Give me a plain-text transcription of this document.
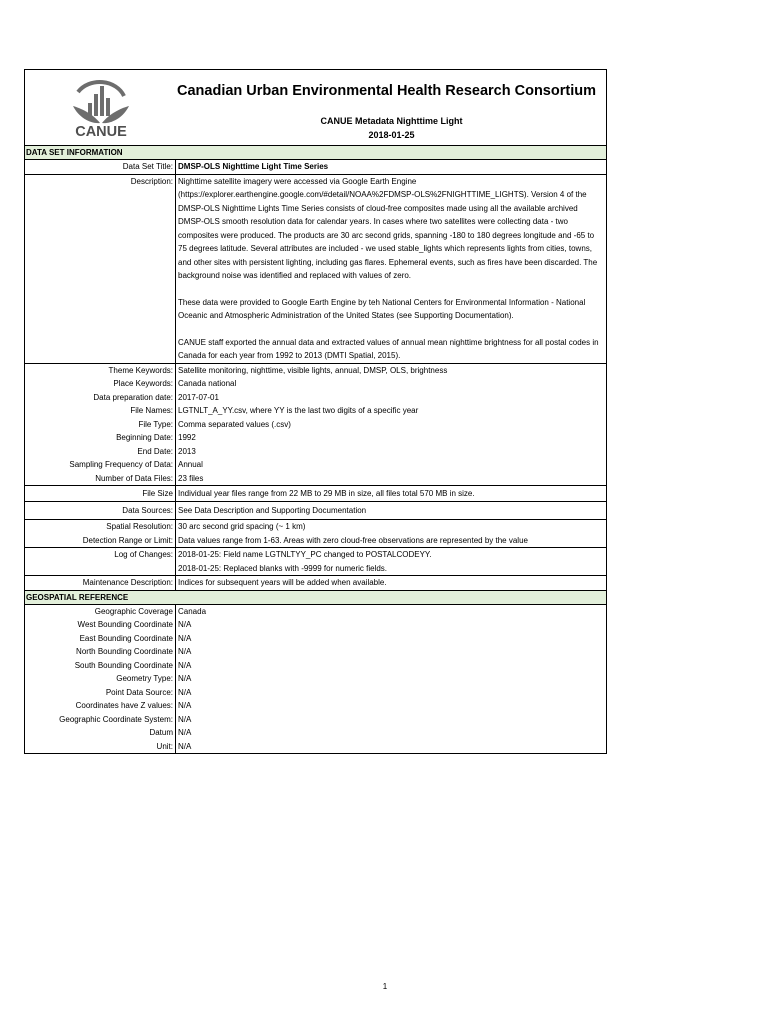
CANUE
Canadian Urban Environmental Health Research Consortium
CANUE Metadata Nighttime Light
2018-01-25
DATA SET INFORMATION
Data Set Title: DMSP-OLS Nighttime Light Time Series
Description: Nighttime satellite imagery were accessed via Google Earth Engine (https://explorer.earthengine.google.com/#detail/NOAA%2FDMSP-OLS%2FNIGHTTIME_LIGHTS). Version 4 of the DMSP-OLS Nighttime Lights Time Series consists of cloud-free composites made using all the available archived DMSP-OLS smooth resolution data for calendar years. In cases where two satellites were collecting data - two composites were produced. The products are 30 arc second grids, spanning -180 to 180 degrees longitude and -65 to 75 degrees latitude. Several attributes are included - we used stable_lights which represents lights from cities, towns, and other sites with persistent lighting, including gas flares. Ephemeral events, such as fires have been discarded. The background noise was identified and replaced with values of zero.

These data were provided to Google Earth Engine by teh National Centers for Environmental Information - National Oceanic and Atmospheric Administration of the United States (see Supporting Documentation).

CANUE staff exported the annual data and extracted values of annual mean nighttime brightness for all postal codes in Canada for each year from 1992 to 2013 (DMTI Spatial, 2015).

Theme Keywords: Satellite monitoring, nighttime, visible lights, annual, DMSP, OLS, brightness
Place Keywords: Canada national
Data preparation date: 2017-07-01
File Names: LGTNLT_A_YY.csv, where YY is the last two digits of a specific year
File Type: Comma separated values (.csv)
Beginning Date: 1992
End Date: 2013
Sampling Frequency of Data: Annual
Number of Data Files: 23 files
File Size Individual year files range from 22 MB to 29 MB in size, all files total 570 MB in size.
Data Sources: See Data Description and Supporting Documentation
Spatial Resolution: 30 arc second grid spacing (~ 1 km)
Detection Range or Limit: Data values range from 1-63. Areas with zero cloud-free observations are represented by the value
Log of Changes: 2018-01-25: Field name LGTNLTYY_PC changed to POSTALCODEYY.
2018-01-25: Replaced blanks with -9999 for numeric fields.
Maintenance Description: Indices for subsequent years will be added when available.
GEOSPATIAL REFERENCE
Geographic Coverage Canada
West Bounding Coordinate N/A
East Bounding Coordinate N/A
North Bounding Coordinate N/A
South Bounding Coordinate N/A
Geometry Type: N/A
Point Data Source: N/A
Coordinates have Z values: N/A
Geographic Coordinate System: N/A
Datum N/A
Unit: N/A
1
